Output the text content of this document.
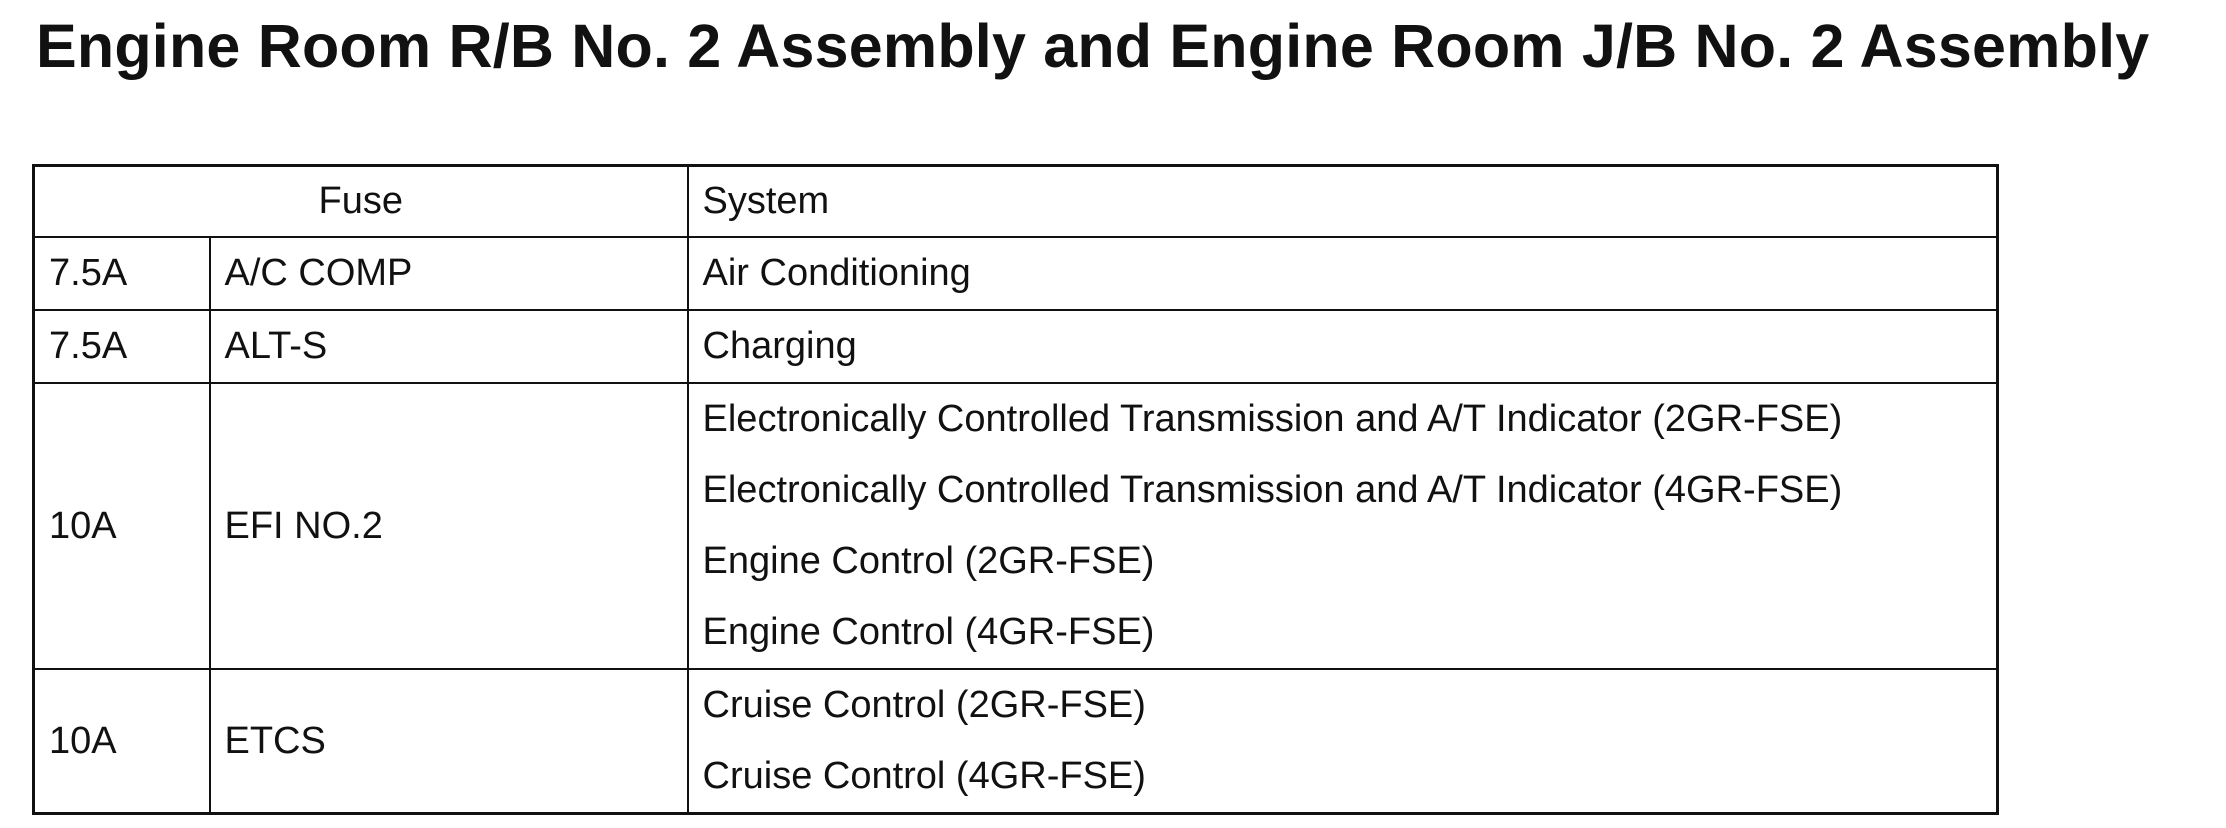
Engine Room R/B No. 2 Assembly and Engine Room J/B No. 2 Assembly
Fuse		System
7.5A	A/C COMP	Air Conditioning

7.5A	ALT-S	Charging

10A	EFI NO.2	Electronically Controlled Transmission and A/T Indicator (2GR-FSE)
Electronically Controlled Transmission and A/T Indicator (4GR-FSE)
Engine Control (2GR-FSE)
Engine Control (4GR-FSE)

10A	ETCS	Cruise Control (2GR-FSE)
Cruise Control (4GR-FSE)
